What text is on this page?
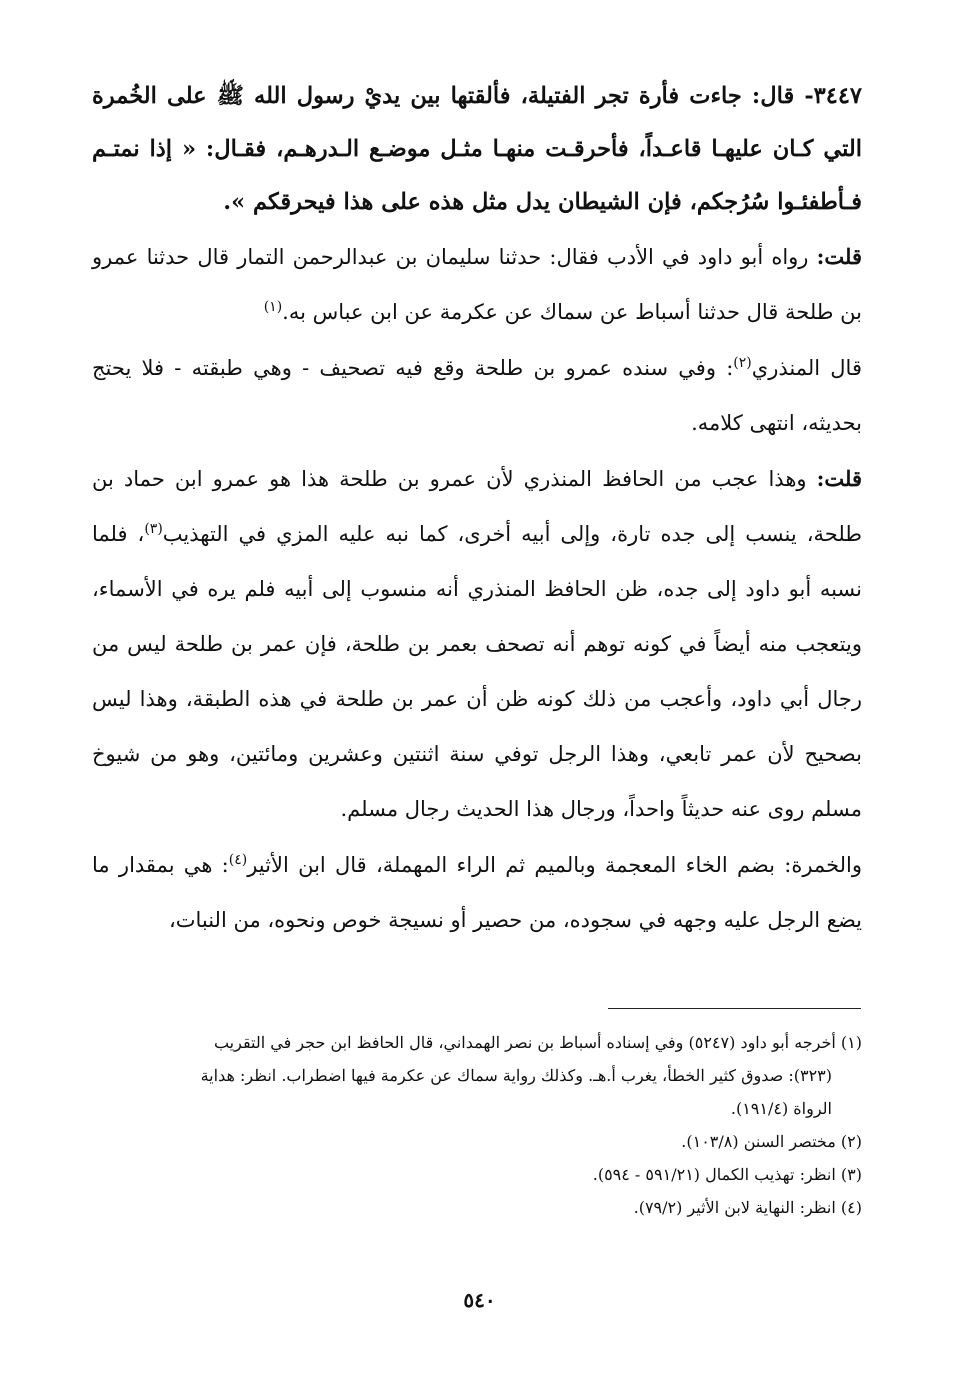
٣٤٤٧- قال: جاءت فأرة تجر الفتيلة، فألقتها بين يديْ رسول الله ﷺ على الخُمرة التي كـان عليهـا قاعـداً، فأحرقـت منهـا مثـل موضـع الـدرهـم، فقـال: « إذا نمتـم فـأطفئـوا سُرُجكم، فإن الشيطان يدل مثل هذه على هذا فيحرقكم ».

قلت: رواه أبو داود في الأدب فقال: حدثنا سليمان بن عبدالرحمن التمار قال حدثنا عمرو بن طلحة قال حدثنا أسباط عن سماك عن عكرمة عن ابن عباس به.$^{(١)}$

قال المنذري$^{(٢)}$: وفي سنده عمرو بن طلحة وقع فيه تصحيف - وهي طبقته - فلا يحتج بحديثه، انتهى كلامه.

قلت: وهذا عجب من الحافظ المنذري لأن عمرو بن طلحة هذا هو عمرو ابن حماد بن طلحة، ينسب إلى جده تارة، وإلى أبيه أخرى، كما نبه عليه المزي في التهذيب$^{(٣)}$، فلما نسبه أبو داود إلى جده، ظن الحافظ المنذري أنه منسوب إلى أبيه فلم يره في الأسماء، ويتعجب منه أيضاً في كونه توهم أنه تصحف بعمر بن طلحة، فإن عمر بن طلحة ليس من رجال أبي داود، وأعجب من ذلك كونه ظن أن عمر بن طلحة في هذه الطبقة، وهذا ليس بصحيح لأن عمر تابعي، وهذا الرجل توفي سنة اثنتين وعشرين ومائتين، وهو من شيوخ مسلم روى عنه حديثاً واحداً، ورجال هذا الحديث رجال مسلم.

والخمرة: بضم الخاء المعجمة وبالميم ثم الراء المهملة، قال ابن الأثير$^{(٤)}$: هي بمقدار ما يضع الرجل عليه وجهه في سجوده، من حصير أو نسيجة خوص ونحوه، من النبات،

(١) أخرجه أبو داود (٥٢٤٧) وفي إسناده أسباط بن نصر الهمداني، قال الحافظ ابن حجر في التقريب

(٣٢٣): صدوق كثير الخطأ، يغرب أ.هـ. وكذلك رواية سماك عن عكرمة فيها اضطراب. انظر: هداية

الرواة (١٩١/٤).

(٢) مختصر السنن (١٠٣/٨).

(٣) انظر: تهذيب الكمال (٥٩١/٢١ - ٥٩٤).

(٤) انظر: النهاية لابن الأثير (٧٩/٢).

٥٤٠
